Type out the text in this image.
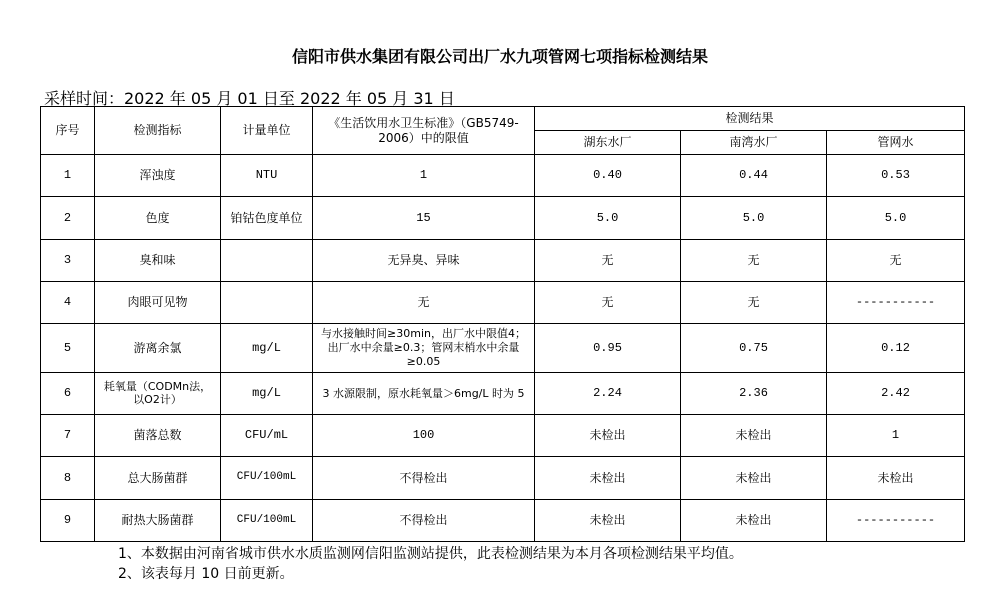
信阳市供水集团有限公司出厂水九项管网七项指标检测结果
采样时间：2022 年 05 月 01 日至 2022 年 05 月 31 日
序号	检测指标	计量单位	《生活饮用水卫生标准》（GB5749-2006）中的限值	检测结果		
				湖东水厂	南湾水厂	管网水
1	浑浊度	NTU	1	0.40	0.44	0.53
2	色度	铂钴色度单位	15	5.0	5.0	5.0
3	臭和味		无异臭、异味	无	无	无
4	肉眼可见物		无	无	无	-----------
5	游离余氯	mg/L	与水接触时间≥30min，出厂水中限值4；出厂水中余量≥0.3；管网末梢水中余量≥0.05	0.95	0.75	0.12
6	耗氧量（CODMn法，以O2计）	mg/L	3 水源限制，原水耗氧量＞6mg/L 时为 5	2.24	2.36	2.42
7	菌落总数	CFU/mL	100	未检出	未检出	1
8	总大肠菌群	CFU/100mL	不得检出	未检出	未检出	未检出
9	耐热大肠菌群	CFU/100mL	不得检出	未检出	未检出	-----------
1、本数据由河南省城市供水水质监测网信阳监测站提供，此表检测结果为本月各项检测结果平均值。
2、该表每月 10 日前更新。
